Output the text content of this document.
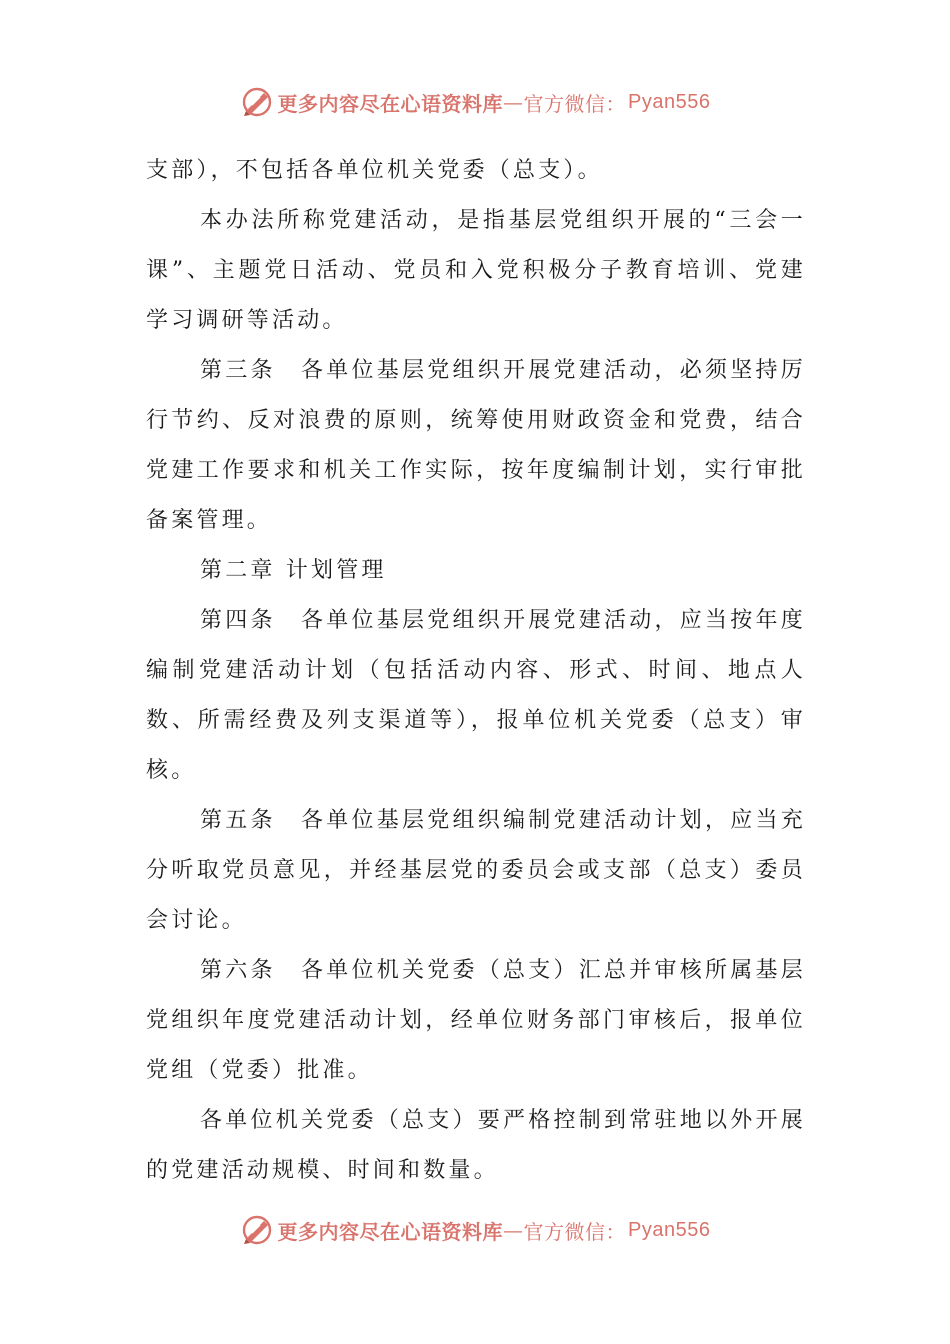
更多内容尽在心语资料库 — 官方微信： Pyan556

支部），不包括各单位机关党委（总支）。

本办法所称党建活动，是指基层党组织开展的“三会一课”、主题党日活动、党员和入党积极分子教育培训、党建学习调研等活动。

第三条　各单位基层党组织开展党建活动，必须坚持厉行节约、反对浪费的原则，统筹使用财政资金和党费，结合党建工作要求和机关工作实际，按年度编制计划，实行审批备案管理。

第二章 计划管理

第四条　各单位基层党组织开展党建活动，应当按年度编制党建活动计划（包括活动内容、形式、时间、地点人数、所需经费及列支渠道等），报单位机关党委（总支）审核。

第五条　各单位基层党组织编制党建活动计划，应当充分听取党员意见，并经基层党的委员会或支部（总支）委员会讨论。

第六条　各单位机关党委（总支）汇总并审核所属基层党组织年度党建活动计划，经单位财务部门审核后，报单位党组（党委）批准。

各单位机关党委（总支）要严格控制到常驻地以外开展的党建活动规模、时间和数量。

更多内容尽在心语资料库 — 官方微信： Pyan556
